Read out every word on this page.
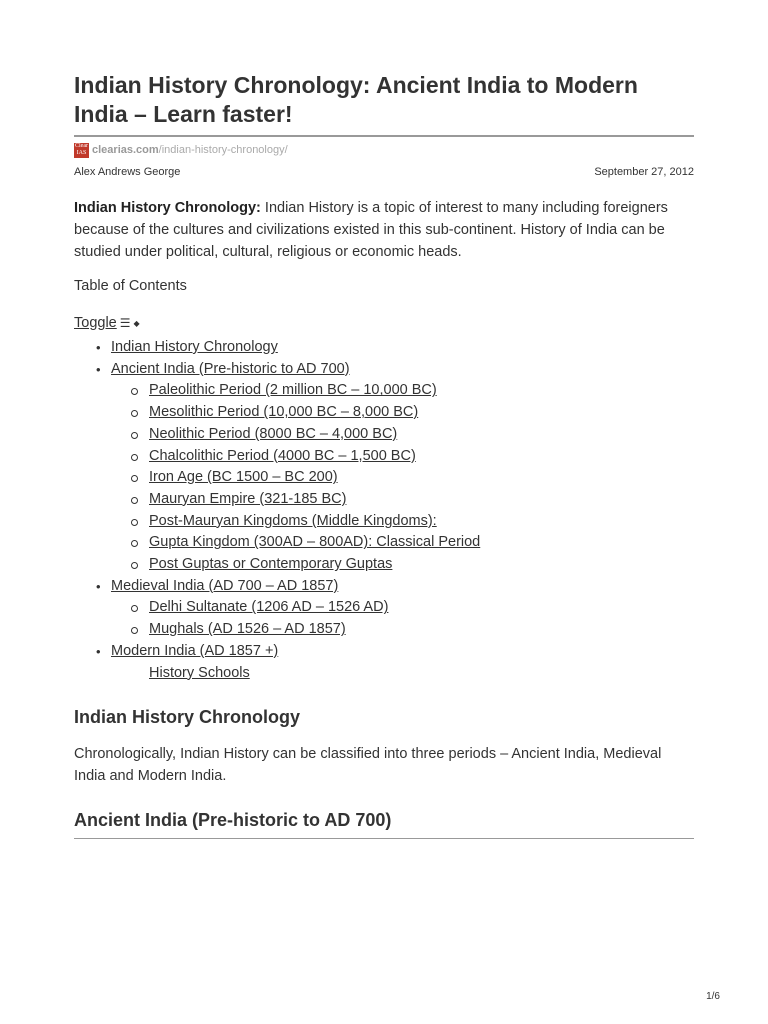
Indian History Chronology: Ancient India to Modern India – Learn faster!
Clear
IAS clearias.com/indian-history-chronology/
Alex Andrews George	September 27, 2012

Indian History Chronology: Indian History is a topic of interest to many including foreigners because of the cultures and civilizations existed in this sub-continent. History of India can be studied under political, cultural, religious or economic heads.

Table of Contents

Toggle ☰ ◆
• Indian History Chronology
• Ancient India (Pre-historic to AD 700)
Paleolithic Period (2 million BC – 10,000 BC)
Mesolithic Period (10,000 BC – 8,000 BC)
Neolithic Period (8000 BC – 4,000 BC)
Chalcolithic Period (4000 BC – 1,500 BC)
Iron Age (BC 1500 – BC 200)
Mauryan Empire (321-185 BC)
Post-Mauryan Kingdoms (Middle Kingdoms):
Gupta Kingdom (300AD – 800AD): Classical Period
Post Guptas or Contemporary Guptas
• Medieval India (AD 700 – AD 1857)
Delhi Sultanate (1206 AD – 1526 AD)
Mughals (AD 1526 – AD 1857)
• Modern India (AD 1857 +)
History Schools
Indian History Chronology

Chronologically, Indian History can be classified into three periods – Ancient India, Medieval India and Modern India.

Ancient India (Pre-historic to AD 700)
1/6
